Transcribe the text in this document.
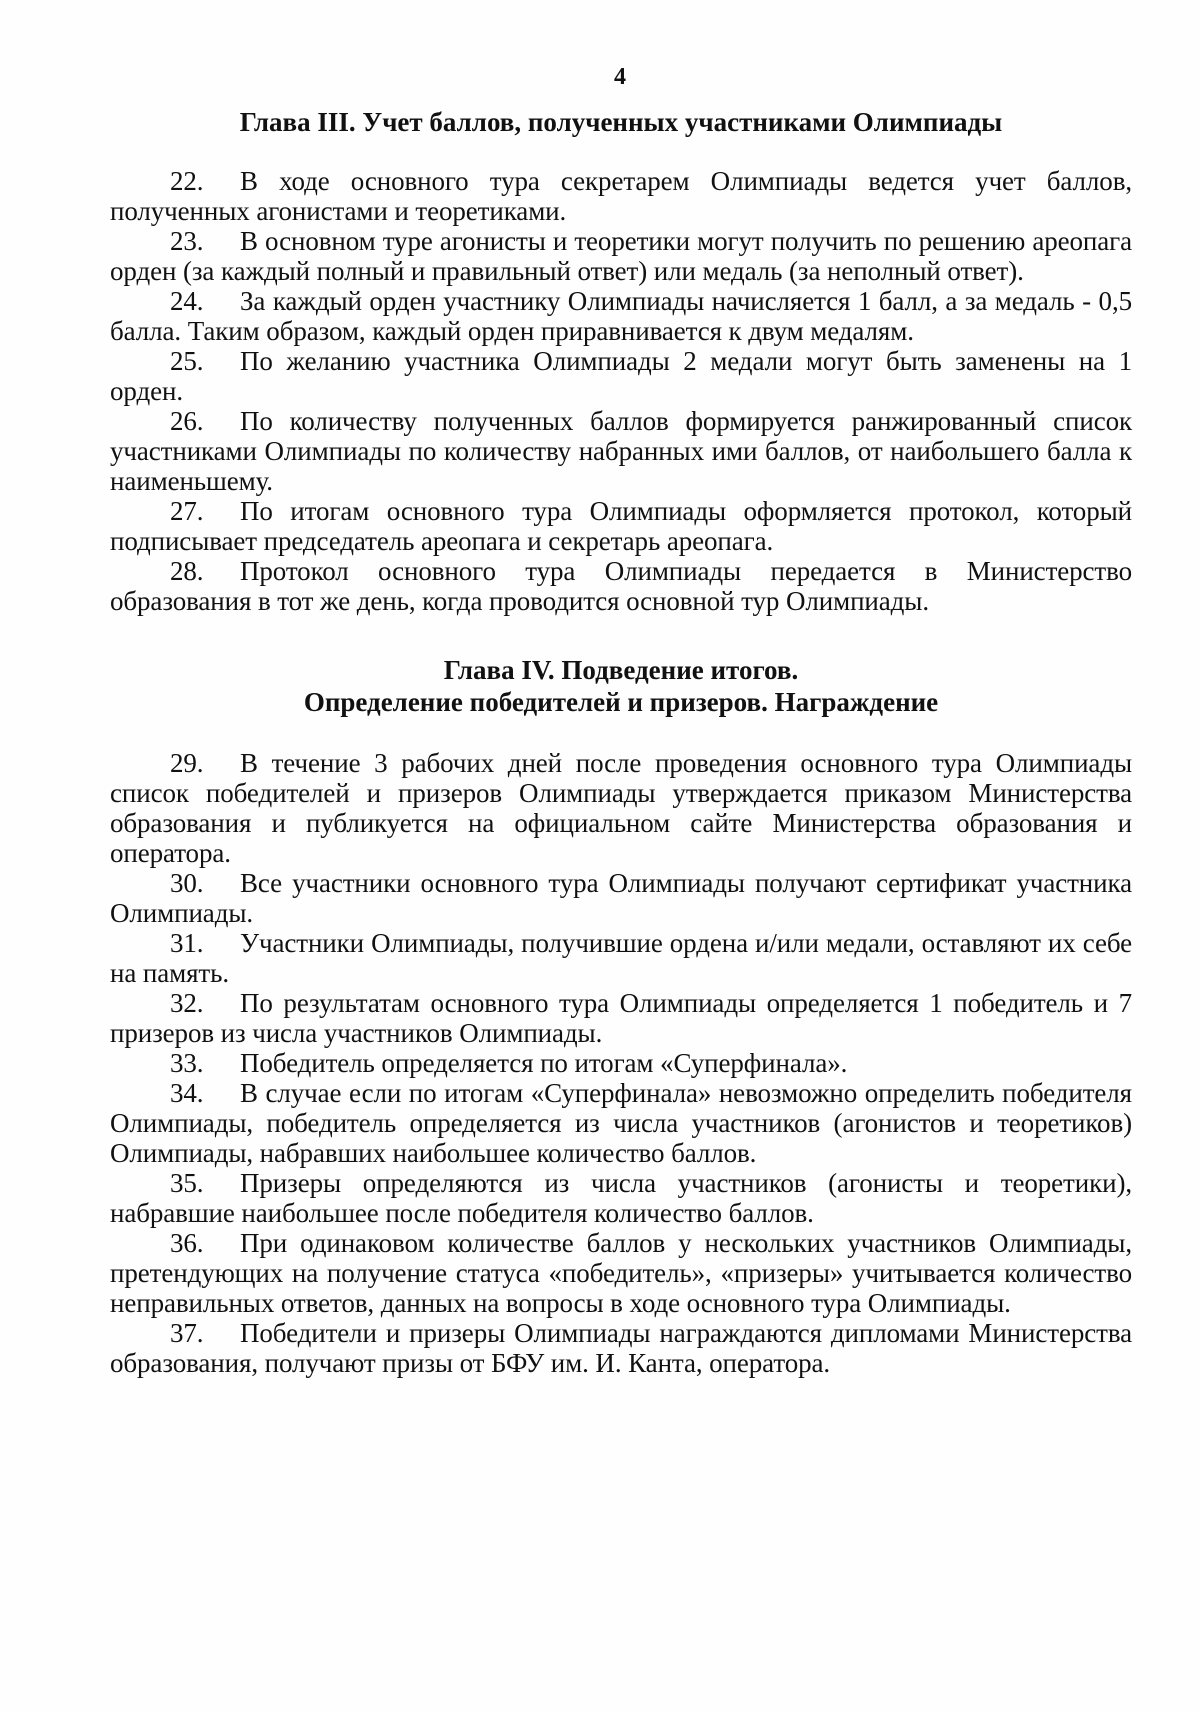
4
Глава III. Учет баллов, полученных участниками Олимпиады

22. В ходе основного тура секретарем Олимпиады ведется учет баллов, полученных агонистами и теоретиками.

23. В основном туре агонисты и теоретики могут получить по решению ареопага орден (за каждый полный и правильный ответ) или медаль (за неполный ответ).

24. За каждый орден участнику Олимпиады начисляется 1 балл, а за медаль - 0,5 балла. Таким образом, каждый орден приравнивается к двум медалям.

25. По желанию участника Олимпиады 2 медали могут быть заменены на 1 орден.

26. По количеству полученных баллов формируется ранжированный список участниками Олимпиады по количеству набранных ими баллов, от наибольшего балла к наименьшему.

27. По итогам основного тура Олимпиады оформляется протокол, который подписывает председатель ареопага и секретарь ареопага.

28. Протокол основного тура Олимпиады передается в Министерство образования в тот же день, когда проводится основной тур Олимпиады.

Глава IV. Подведение итогов.
Определение победителей и призеров. Награждение

29. В течение 3 рабочих дней после проведения основного тура Олимпиады список победителей и призеров Олимпиады утверждается приказом Министерства образования и публикуется на официальном сайте Министерства образования и оператора.

30. Все участники основного тура Олимпиады получают сертификат участника Олимпиады.

31. Участники Олимпиады, получившие ордена и/или медали, оставляют их себе на память.

32. По результатам основного тура Олимпиады определяется 1 победитель и 7 призеров из числа участников Олимпиады.

33. Победитель определяется по итогам «Суперфинала».

34. В случае если по итогам «Суперфинала» невозможно определить победителя Олимпиады, победитель определяется из числа участников (агонистов и теоретиков) Олимпиады, набравших наибольшее количество баллов.

35. Призеры определяются из числа участников (агонисты и теоретики), набравшие наибольшее после победителя количество баллов.

36. При одинаковом количестве баллов у нескольких участников Олимпиады, претендующих на получение статуса «победитель», «призеры» учитывается количество неправильных ответов, данных на вопросы в ходе основного тура Олимпиады.

37. Победители и призеры Олимпиады награждаются дипломами Министерства образования, получают призы от БФУ им. И. Канта, оператора.
